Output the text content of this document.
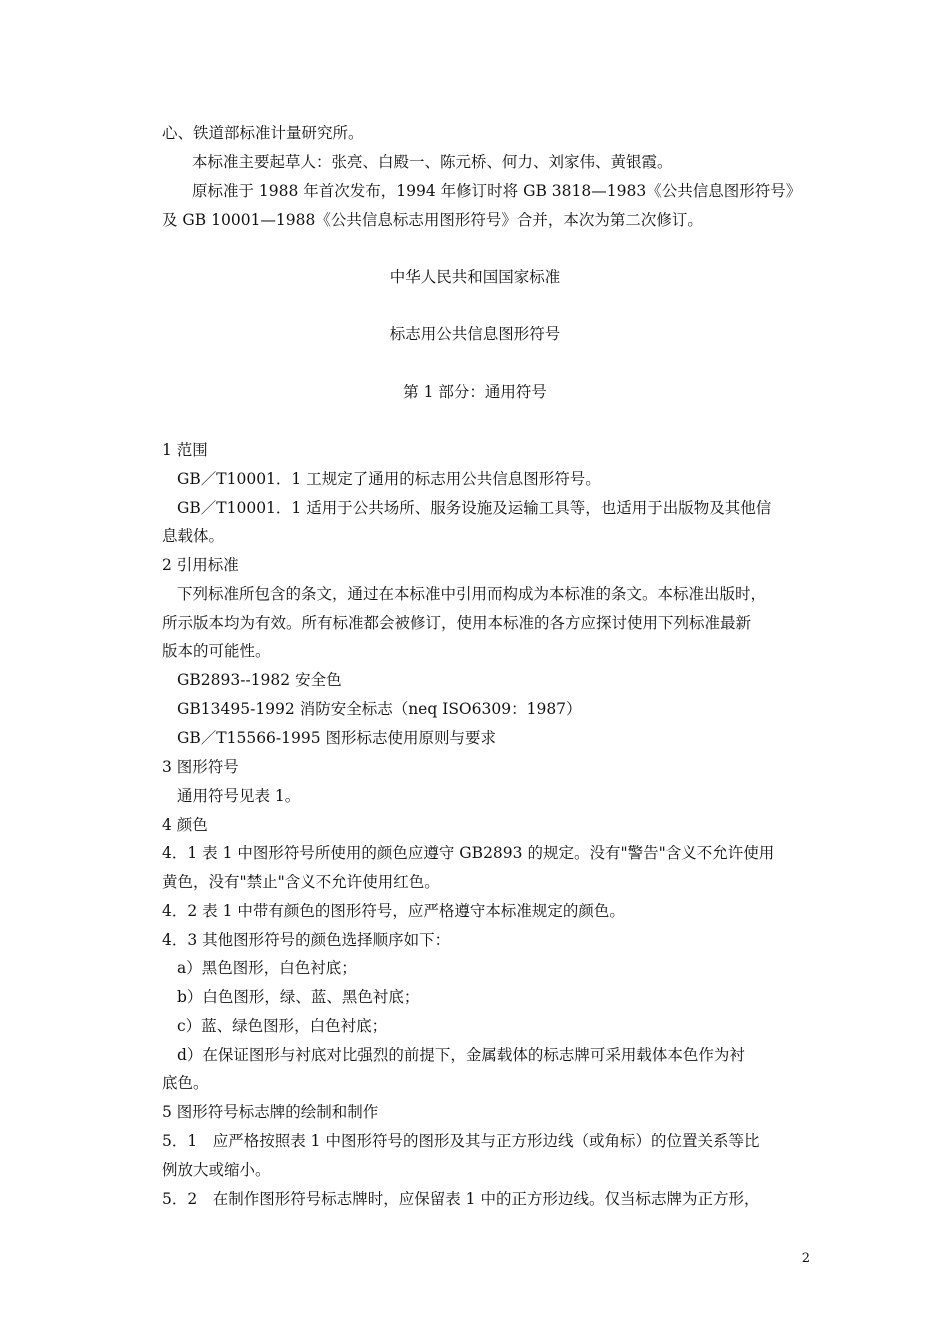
心、铁道部标准计量研究所。
本标准主要起草人：张亮、白殿一、陈元桥、何力、刘家伟、黄银霞。
原标准于 1988 年首次发布，1994 年修订时将 GB 3818—1983《公共信息图形符号》
及 GB 10001—1988《公共信息标志用图形符号》合并，本次为第二次修订。
中华人民共和国国家标准
标志用公共信息图形符号
第 1 部分：通用符号
1 范围
GB／T10001．1 工规定了通用的标志用公共信息图形符号。
GB／T10001．1 适用于公共场所、服务设施及运输工具等，也适用于出版物及其他信
息载体。
2 引用标准
下列标准所包含的条文，通过在本标准中引用而构成为本标准的条文。本标准出版时，
所示版本均为有效。所有标准都会被修订，使用本标准的各方应探讨使用下列标准最新
版本的可能性。
GB2893--1982 安全色
GB13495-1992 消防安全标志（neq ISO6309：1987）
GB／T15566-1995 图形标志使用原则与要求
3 图形符号
通用符号见表 1。
4 颜色
4．1 表 1 中图形符号所使用的颜色应遵守 GB2893 的规定。没有"警告"含义不允许使用
黄色，没有"禁止"含义不允许使用红色。
4．2 表 1 中带有颜色的图形符号，应严格遵守本标准规定的颜色。
4．3 其他图形符号的颜色选择顺序如下：
a）黑色图形，白色衬底；
b）白色图形，绿、蓝、黑色衬底；
c）蓝、绿色图形，白色衬底；
d）在保证图形与衬底对比强烈的前提下，金属载体的标志牌可采用载体本色作为衬
底色。
5 图形符号标志牌的绘制和制作
5．1　应严格按照表 1 中图形符号的图形及其与正方形边线（或角标）的位置关系等比
例放大或缩小。
5．2　在制作图形符号标志牌时，应保留表 1 中的正方形边线。仅当标志牌为正方形，
2
